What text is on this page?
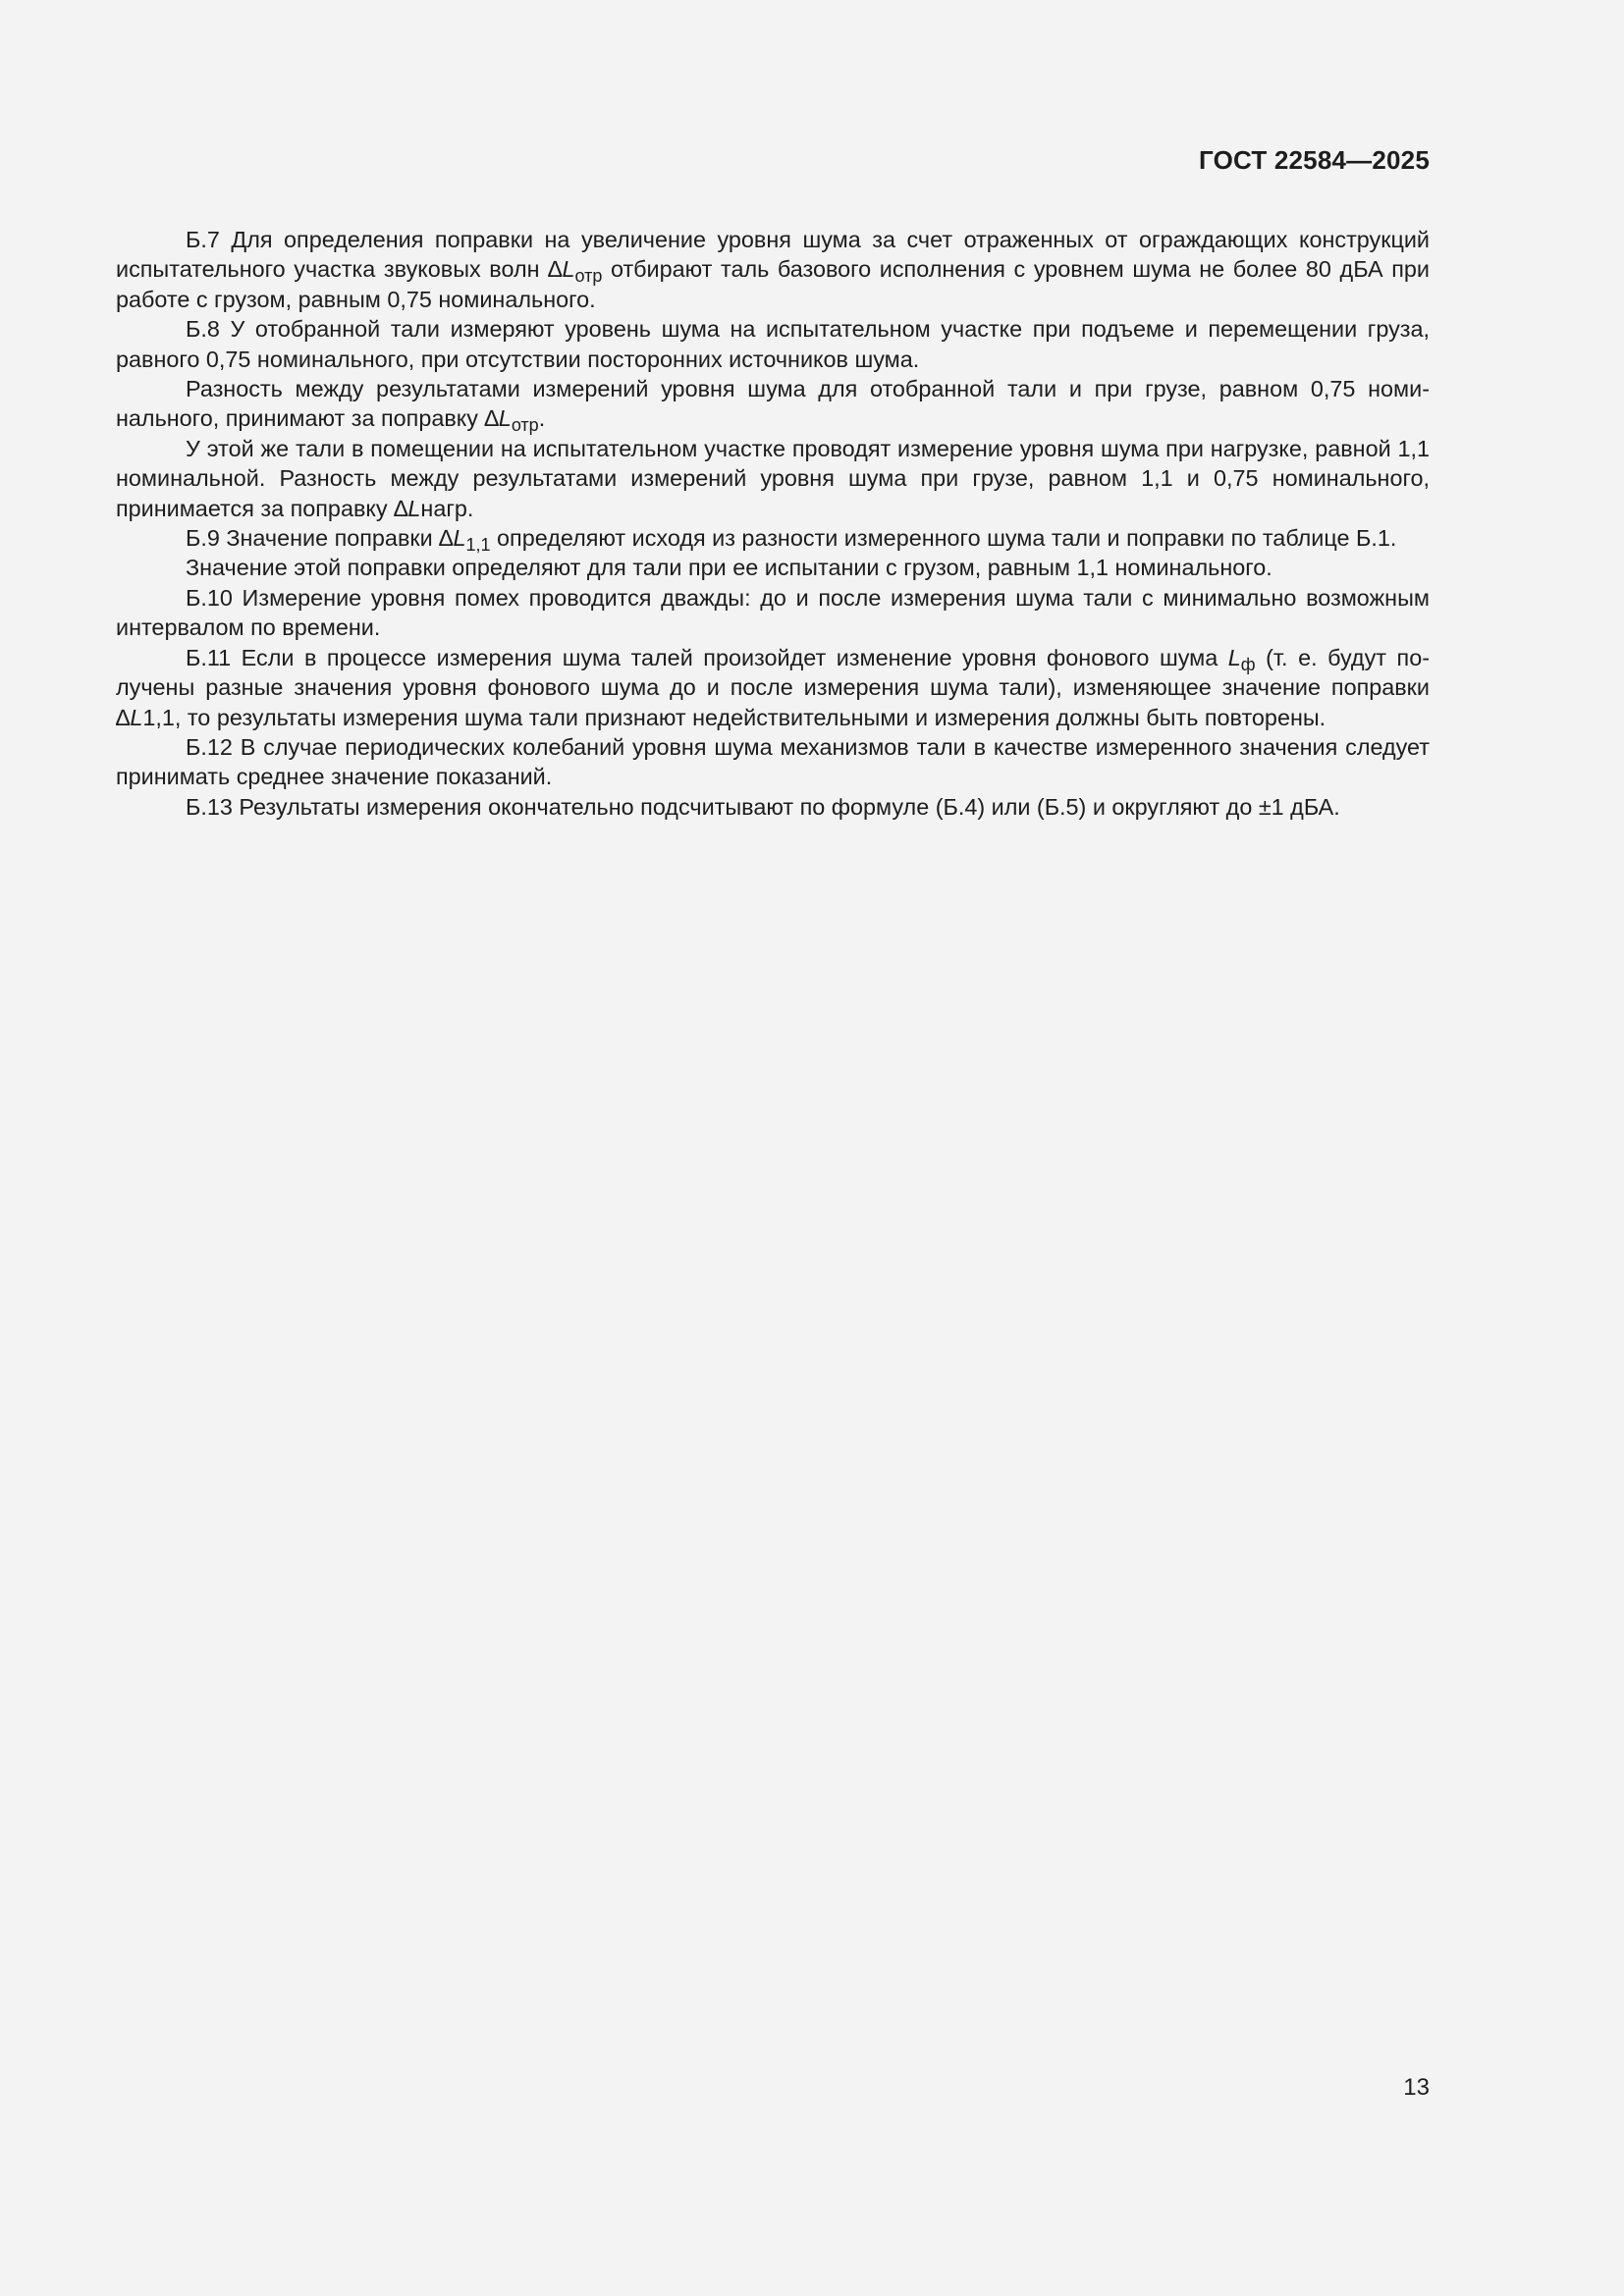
ГОСТ 22584—2025

Б.7 Для определения поправки на увеличение уровня шума за счет отраженных от ограждающих конструкций испытательного участка звуковых волн $\Delta L_{отр}$ отбирают таль базового исполнения с уровнем шума не более 80 дБА при работе с грузом, равным 0,75 номинального.

Б.8 У отобранной тали измеряют уровень шума на испытательном участке при подъеме и перемещении груза, равного 0,75 номинального, при отсутствии посторонних источников шума.

Разность между результатами измерений уровня шума для отобранной тали и при грузе, равном 0,75 номинального, принимают за поправку $\Delta L_{отр}$.

У этой же тали в помещении на испытательном участке проводят измерение уровня шума при нагрузке, равной 1,1 номинальной. Разность между результатами измерений уровня шума при грузе, равном 1,1 и 0,75 номинального, принимается за поправку ∆Lнагр.

Б.9 Значение поправки $\Delta L_{1,1}$ определяют исходя из разности измеренного шума тали и поправки по таблице Б.1.

Значение этой поправки определяют для тали при ее испытании с грузом, равным 1,1 номинального.

Б.10 Измерение уровня помех проводится дважды: до и после измерения шума тали с минимально возможным интервалом по времени.

Б.11 Если в процессе измерения шума талей произойдет изменение уровня фонового шума $L_ф$ (т. е. будут получены разные значения уровня фонового шума до и после измерения шума тали), изменяющее значение поправки ∆L1,1, то результаты измерения шума тали признают недействительными и измерения должны быть повторены.

Б.12 В случае периодических колебаний уровня шума механизмов тали в качестве измеренного значения следует принимать среднее значение показаний.

Б.13 Результаты измерения окончательно подсчитывают по формуле (Б.4) или (Б.5) и округляют до ±1 дБА.

13
